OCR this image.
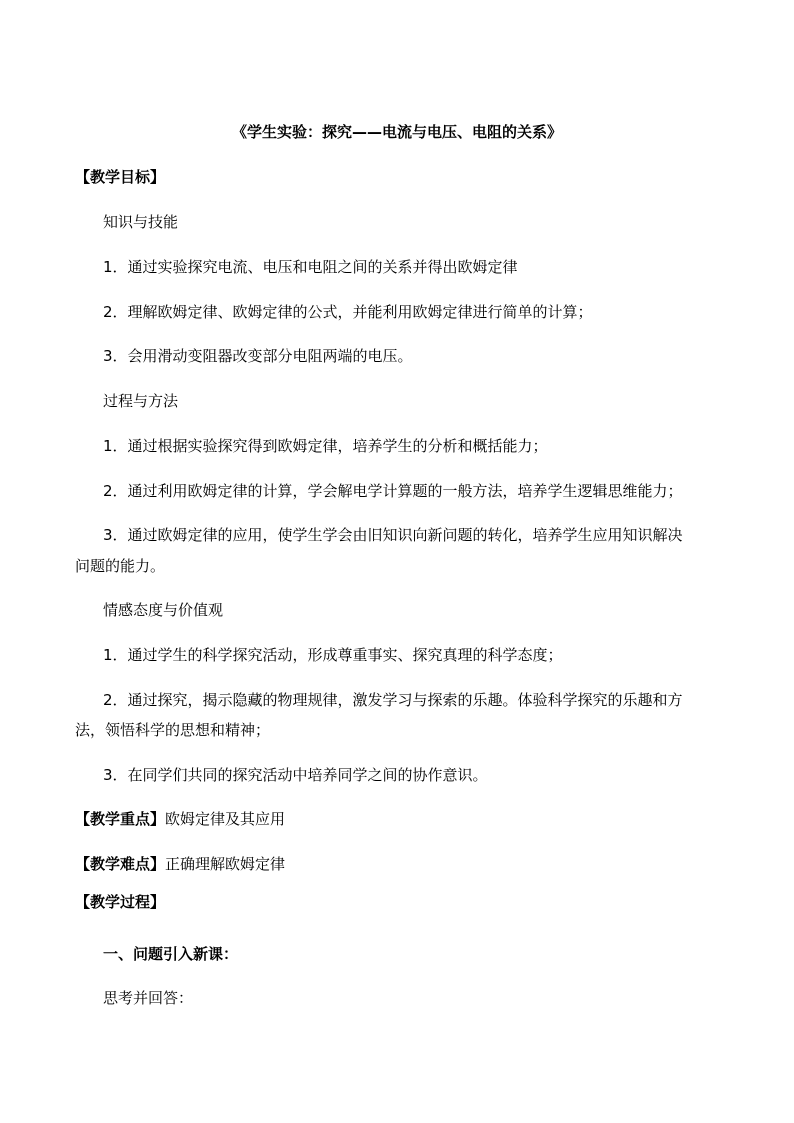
《学生实验：探究——电流与电压、电阻的关系》
【教学目标】
知识与技能
1．通过实验探究电流、电压和电阻之间的关系并得出欧姆定律
2．理解欧姆定律、欧姆定律的公式，并能利用欧姆定律进行简单的计算；
3．会用滑动变阻器改变部分电阻两端的电压。
过程与方法
1．通过根据实验探究得到欧姆定律，培养学生的分析和概括能力；
2．通过利用欧姆定律的计算，学会解电学计算题的一般方法，培养学生逻辑思维能力；
3．通过欧姆定律的应用，使学生学会由旧知识向新问题的转化，培养学生应用知识解决
问题的能力。
情感态度与价值观
1．通过学生的科学探究活动，形成尊重事实、探究真理的科学态度；
2．通过探究，揭示隐藏的物理规律，激发学习与探索的乐趣。体验科学探究的乐趣和方
法，领悟科学的思想和精神；
3．在同学们共同的探究活动中培养同学之间的协作意识。
【教学重点】欧姆定律及其应用
【教学难点】正确理解欧姆定律
【教学过程】
一、问题引入新课：
思考并回答：
